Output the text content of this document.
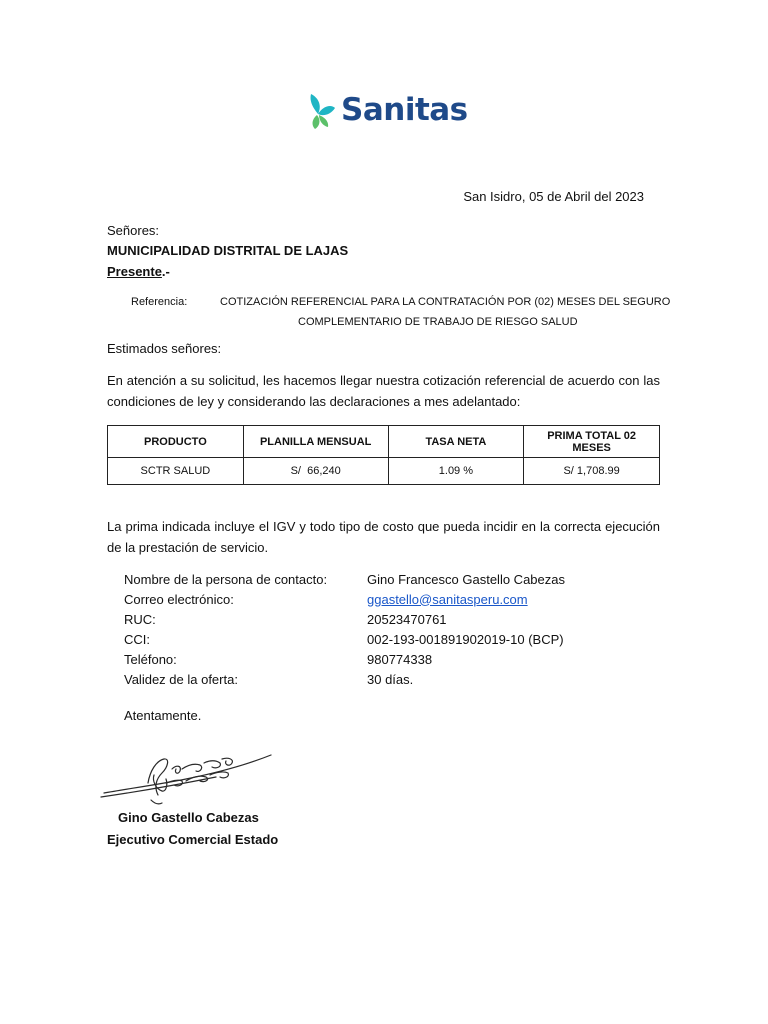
Sanitas
San Isidro, 05 de Abril del 2023
Señores:
MUNICIPALIDAD DISTRITAL DE LAJAS
Presente.-
Referencia:	COTIZACIÓN REFERENCIAL PARA LA CONTRATACIÓN POR (02) MESES DEL SEGURO
COMPLEMENTARIO DE TRABAJO DE RIESGO SALUD
Estimados señores:
En atención a su solicitud, les hacemos llegar nuestra cotización referencial de acuerdo con las condiciones de ley y considerando las declaraciones a mes adelantado:
PRODUCTO	PLANILLA MENSUAL	TASA NETA	PRIMA TOTAL 02 MESES
SCTR SALUD	S/  66,240	1.09 %	S/ 1,708.99
La prima indicada incluye el IGV y todo tipo de costo que pueda incidir en la correcta ejecución de la prestación de servicio.
Nombre de la persona de contacto:	Gino Francesco Gastello Cabezas
Correo electrónico:	ggastello@sanitasperu.com
RUC:	20523470761
CCI:	002-193-001891902019-10 (BCP)
Teléfono:	980774338
Validez de la oferta:	30 días.
Atentamente.
Gino Gastello Cabezas
Ejecutivo Comercial Estado
